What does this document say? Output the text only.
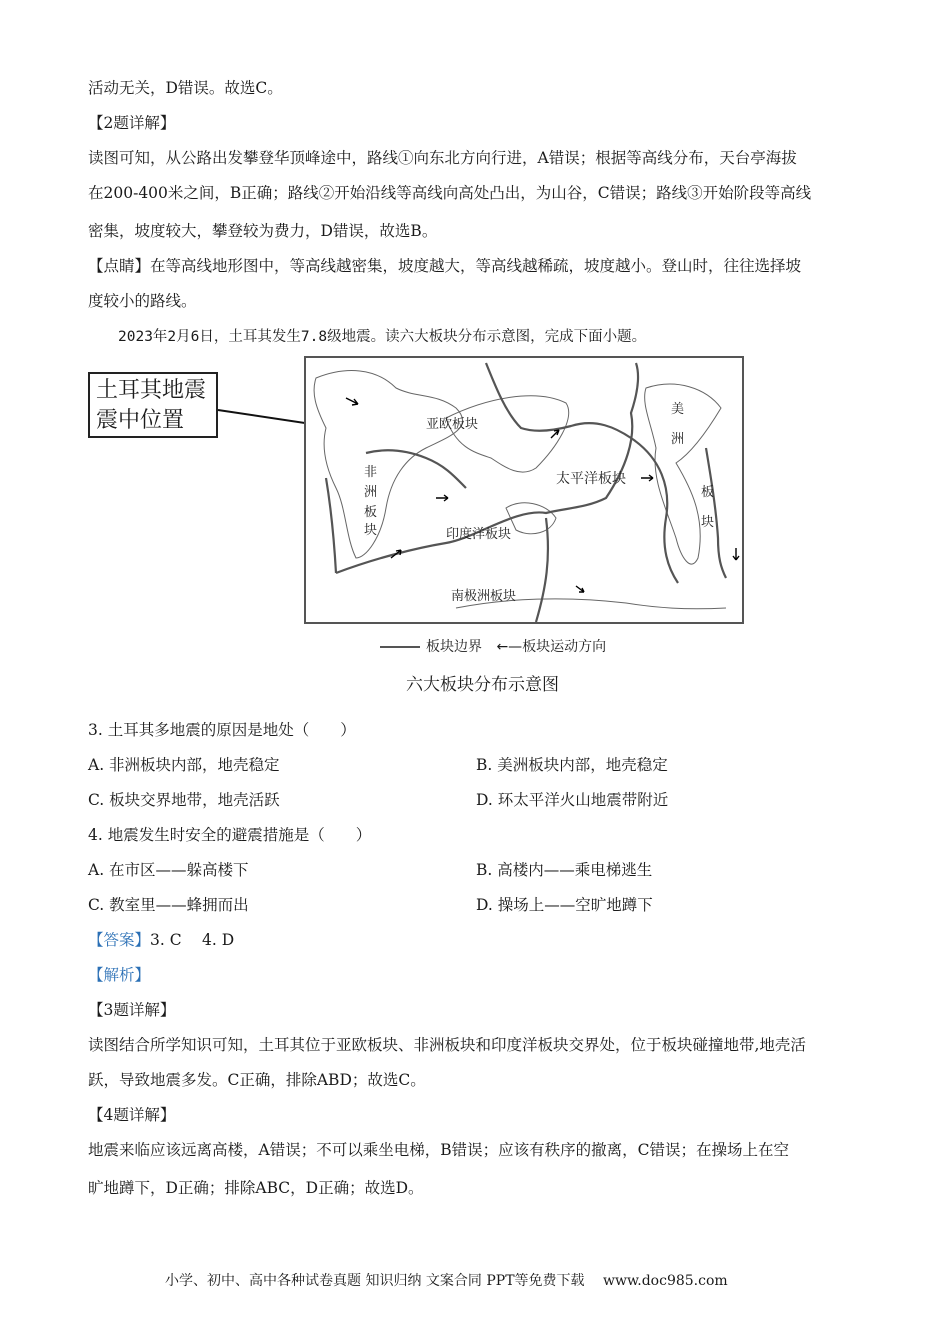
活动无关，D错误。故选C。
【2题详解】
读图可知，从公路出发攀登华顶峰途中，路线①向东北方向行进，A错误；根据等高线分布，天台亭海拔
在200-400米之间，B正确；路线②开始沿线等高线向高处凸出，为山谷，C错误；路线③开始阶段等高线
密集，坡度较大，攀登较为费力，D错误，故选B。
【点睛】在等高线地形图中，等高线越密集，坡度越大，等高线越稀疏，坡度越小。登山时，往往选择坡
度较小的路线。
2023年2月6日，土耳其发生7.8级地震。读六大板块分布示意图，完成下面小题。
土耳其地震
震中位置	亚欧板块
太平洋板块
印度洋板块
南极洲板块
非
洲
板
块
美
洲
板
块
板块边界 ←—板块运动方向
六大板块分布示意图
3. 土耳其多地震的原因是地处（　　）
A. 非洲板块内部，地壳稳定	B. 美洲板块内部，地壳稳定
C. 板块交界地带，地壳活跃	D. 环太平洋火山地震带附近
4. 地震发生时安全的避震措施是（　　）
A. 在市区——躲高楼下	B. 高楼内——乘电梯逃生
C. 教室里——蜂拥而出	D. 操场上——空旷地蹲下
【答案】3. C　 4. D
【解析】
【3题详解】
读图结合所学知识可知，土耳其位于亚欧板块、非洲板块和印度洋板块交界处，位于板块碰撞地带,地壳活
跃，导致地震多发。C正确，排除ABD；故选C。
【4题详解】
地震来临应该远离高楼，A错误；不可以乘坐电梯，B错误；应该有秩序的撤离，C错误；在操场上在空
旷地蹲下，D正确；排除ABC，D正确；故选D。
小学、初中、高中各种试卷真题 知识归纳 文案合同 PPT等免费下载 www.doc985.com
